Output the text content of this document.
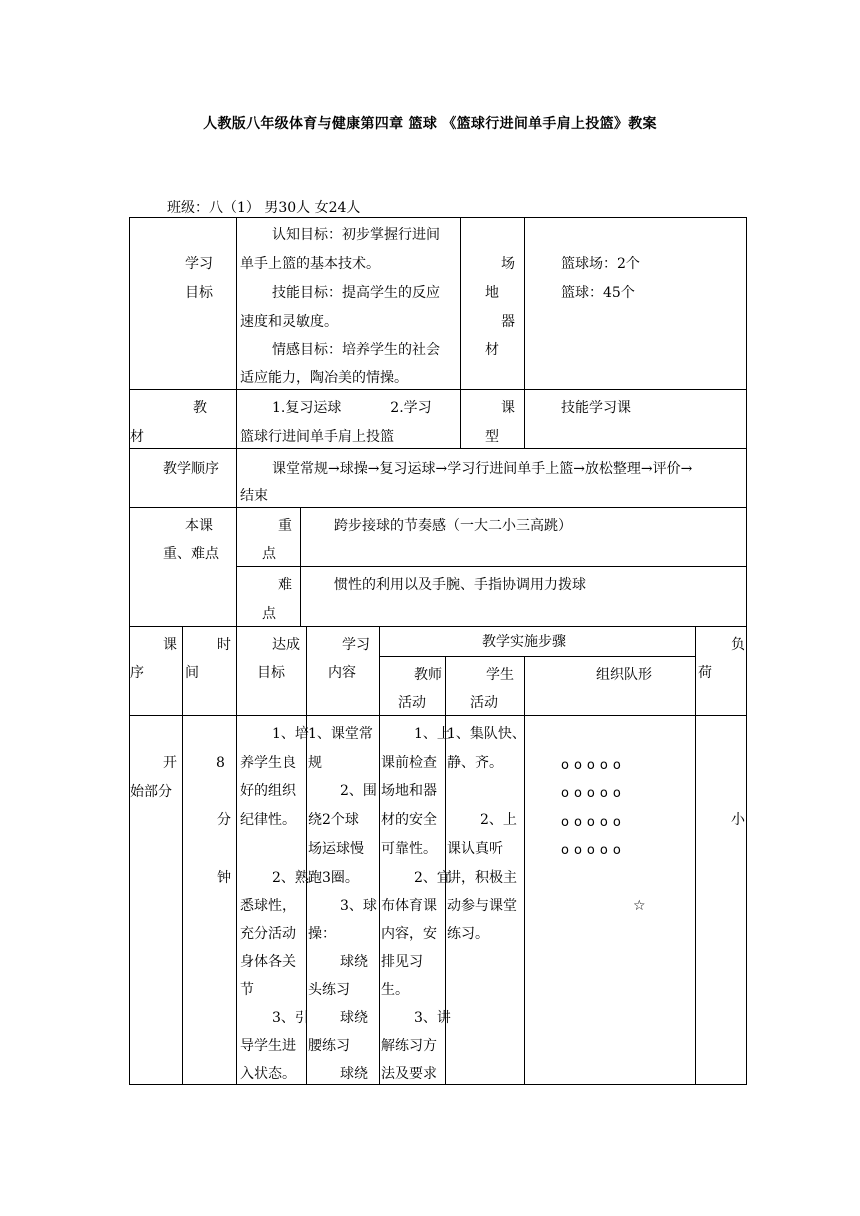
人教版八年级体育与健康第四章 篮球 《篮球行进间单手肩上投篮》教案
班级：八（1） 男30人 女24人
学习
目标
认知目标：初步掌握行进间
单手上篮的基本技术。
技能目标：提高学生的反应
速度和灵敏度。
情感目标：培养学生的社会
适应能力，陶冶美的情操。
场
地
器
材
篮球场：2个
篮球：45个
教
材
1.复习运球           2.学习
篮球行进间单手肩上投篮
课
型
技能学习课
教学顺序	课堂常规→球操→复习运球→学习行进间单手上篮→放松整理→评价→
结束
本课
重、难点
重
点
跨步接球的节奏感（一大二小三高跳）
难
点
惯性的利用以及手腕、手指协调用力拨球
课
序
时
间
达成
目标
学习
内容
教学实施步骤
教师
活动
学生
活动
组织队形
负
荷
开
始部分
8
分
钟
1、培
养学生良
好的组织
纪律性。
2、熟
悉球性，
充分活动
身体各关
节
3、引
导学生进
入状态。
1、课堂常
规
2、围
绕2个球
场运球慢
跑3圈。
3、球
操：
球绕
头练习
球绕
腰练习
球绕
1、上
课前检查
场地和器
材的安全
可靠性。
2、宜
布体育课
内容，安
排见习
生。
3、讲
解练习方
法及要求
1、集队快、
静、齐。
2、上
课认真听
讲，积极主
动参与课堂
练习。
ooooo
ooooo
ooooo
ooooo
☆
小
